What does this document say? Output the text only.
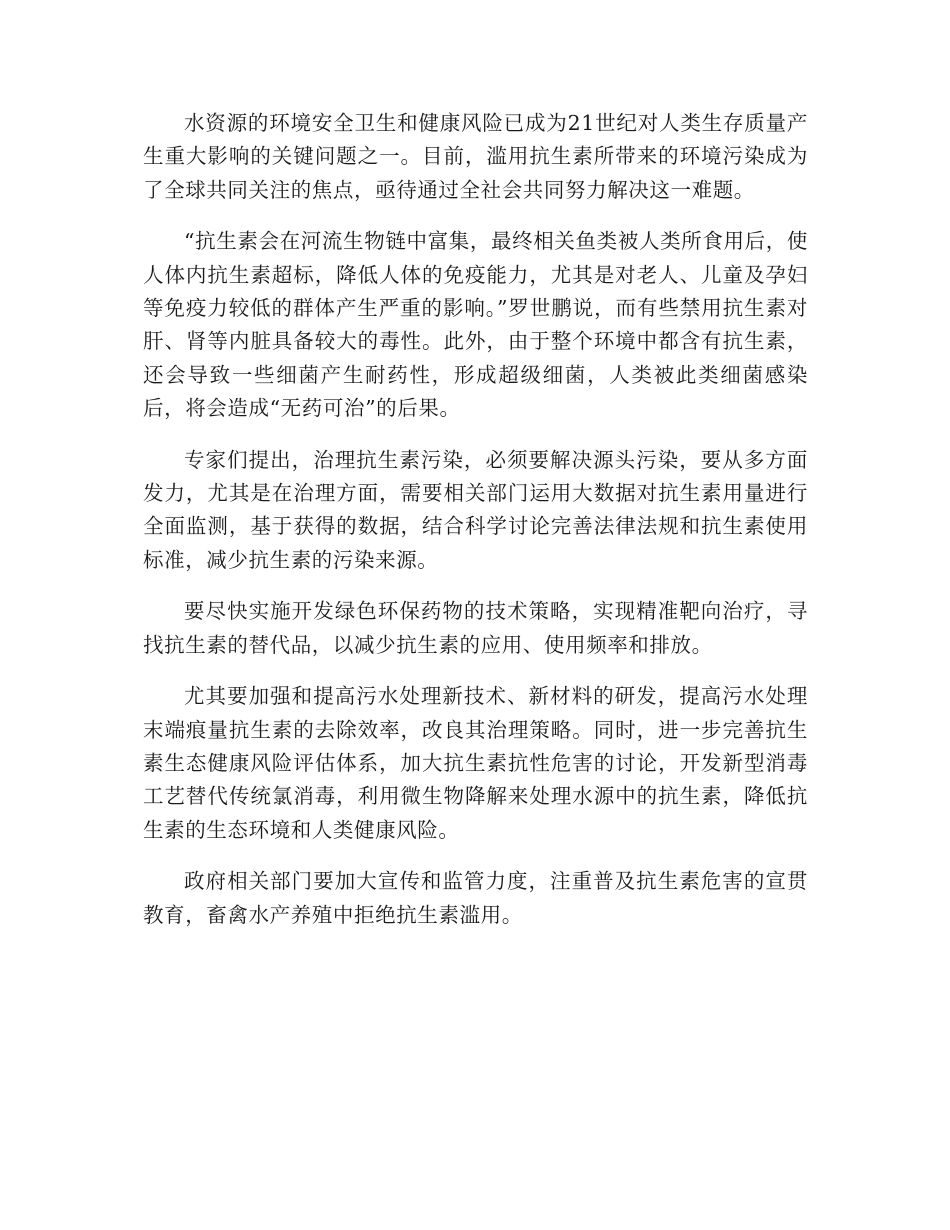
水资源的环境安全卫生和健康风险已成为21世纪对人类生存质量产生重大影响的关键问题之一。目前，滥用抗生素所带来的环境污染成为了全球共同关注的焦点，亟待通过全社会共同努力解决这一难题。

“抗生素会在河流生物链中富集，最终相关鱼类被人类所食用后，使人体内抗生素超标，降低人体的免疫能力，尤其是对老人、儿童及孕妇等免疫力较低的群体产生严重的影响。”罗世鹏说，而有些禁用抗生素对肝、肾等内脏具备较大的毒性。此外，由于整个环境中都含有抗生素，还会导致一些细菌产生耐药性，形成超级细菌，人类被此类细菌感染后，将会造成“无药可治”的后果。

专家们提出，治理抗生素污染，必须要解决源头污染，要从多方面发力，尤其是在治理方面，需要相关部门运用大数据对抗生素用量进行全面监测，基于获得的数据，结合科学讨论完善法律法规和抗生素使用标准，减少抗生素的污染来源。

要尽快实施开发绿色环保药物的技术策略，实现精准靶向治疗，寻找抗生素的替代品，以减少抗生素的应用、使用频率和排放。

尤其要加强和提高污水处理新技术、新材料的研发，提高污水处理末端痕量抗生素的去除效率，改良其治理策略。同时，进一步完善抗生素生态健康风险评估体系，加大抗生素抗性危害的讨论，开发新型消毒工艺替代传统氯消毒，利用微生物降解来处理水源中的抗生素，降低抗生素的生态环境和人类健康风险。

政府相关部门要加大宣传和监管力度，注重普及抗生素危害的宣贯教育，畜禽水产养殖中拒绝抗生素滥用。
